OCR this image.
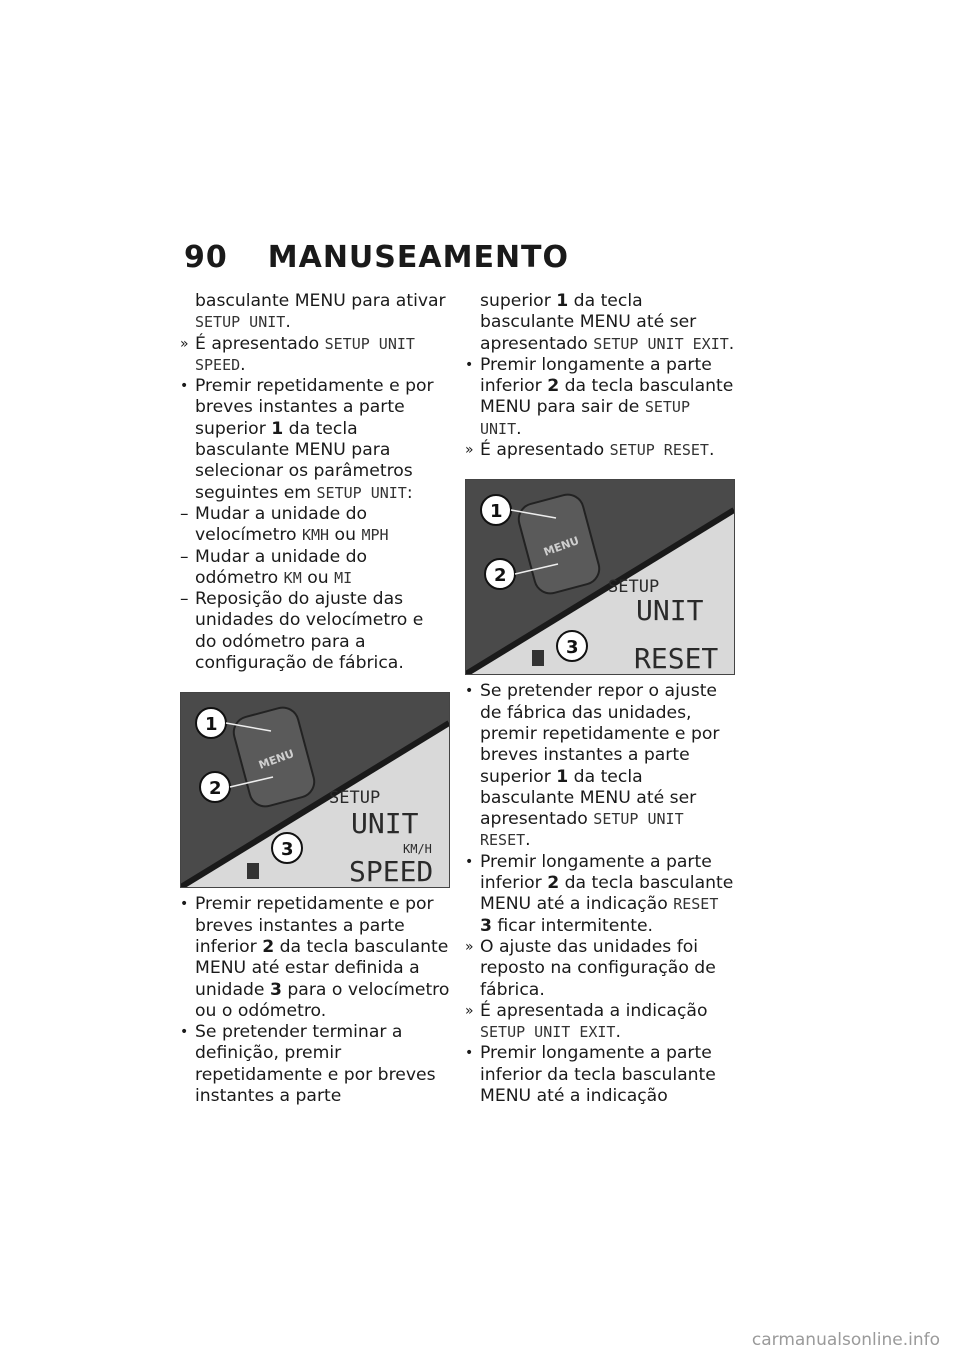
90 MANUSEAMENTO
basculante MENU para ativar SETUP UNIT.
» É apresentado SETUP UNIT SPEED.
• Premir repetidamente e por breves instantes a parte superior 1 da tecla basculante MENU para selecionar os parâmetros seguintes em SETUP UNIT:
– Mudar a unidade do velocímetro KMH ou MPH
– Mudar a unidade do odómetro KM ou MI
– Reposição do ajuste das unidades do velocímetro e do odómetro para a configuração de fábrica.
MENU
1
2
3
SETUP
UNIT
KM/H
SPEED
• Premir repetidamente e por breves instantes a parte inferior 2 da tecla basculante MENU até estar definida a unidade 3 para o velocímetro ou o odómetro.
• Se pretender terminar a definição, premir repetidamente e por breves instantes a parte
superior 1 da tecla basculante MENU até ser apresentado SETUP UNIT EXIT.
• Premir longamente a parte inferior 2 da tecla basculante MENU para sair de SETUP UNIT.
» É apresentado SETUP RESET.
MENU
1
2
3
SETUP
UNIT
RESET
• Se pretender repor o ajuste de fábrica das unidades, premir repetidamente e por breves instantes a parte superior 1 da tecla basculante MENU até ser apresentado SETUP UNIT RESET.
• Premir longamente a parte inferior 2 da tecla basculante MENU até a indicação RESET 3 ficar intermitente.
» O ajuste das unidades foi reposto na configuração de fábrica.
» É apresentada a indicação SETUP UNIT EXIT.
• Premir longamente a parte inferior da tecla basculante MENU até a indicação
carmanualsonline.info
